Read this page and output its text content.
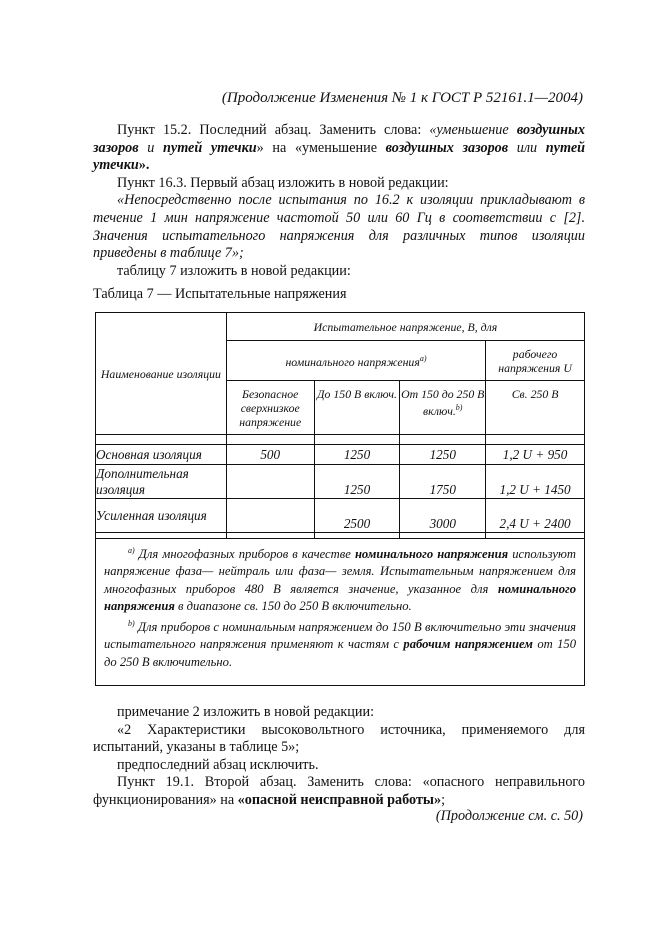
(Продолжение Изменения № 1 к ГОСТ Р 52161.1—2004)

Пункт 15.2. Последний абзац. Заменить слова: «уменьшение воздушных зазоров и путей утечки» на «уменьшение воздушных зазоров или путей утечки».

Пункт 16.3. Первый абзац изложить в новой редакции:

«Непосредственно после испытания по 16.2 к изоляции прикладывают в течение 1 мин напряжение частотой 50 или 60 Гц в соответствии с [2]. Значения испытательного напряжения для различных типов изоляции приведены в таблице 7»;

таблицу 7 изложить в новой редакции:

Таблица 7 — Испытательные напряжения
Наименование изоляции	Испытательное напряжение, В, для			
	номинального напряжения$^{а)}$			рабочего напряжения U
	Безопасное сверхнизкое напряжение	До 150 В включ.	От 150 до 250 В включ.$^{b)}$	Св. 250 В

Основная изоляция	500	1250	1250	1,2 U + 950
Дополнительная изоляция		1250	1750	1,2 U + 1450
Усиленная изоляция		2500	3000	2,4 U + 2400

$^{а)}$ Для многофазных приборов в качестве номинального напряжения используют напряжение фаза— нейтраль или фаза— земля. Испытательным напряжением для многофазных приборов 480 В является значение, указанное для номинального напряжения в диапазоне св. 150 до 250 В включительно.

$^{b)}$ Для приборов с номинальным напряжением до 150 В включительно эти значения испытательного напряжения применяют к частям с рабочим напряжением от 150 до 250 В включительно.

примечание 2 изложить в новой редакции:

«2 Характеристики высоковольтного источника, применяемого для испытаний, указаны в таблице 5»;

предпоследний абзац исключить.

Пункт 19.1. Второй абзац. Заменить слова: «опасного неправильного функционирования» на «опасной неисправной работы»;

(Продолжение см. с. 50)
